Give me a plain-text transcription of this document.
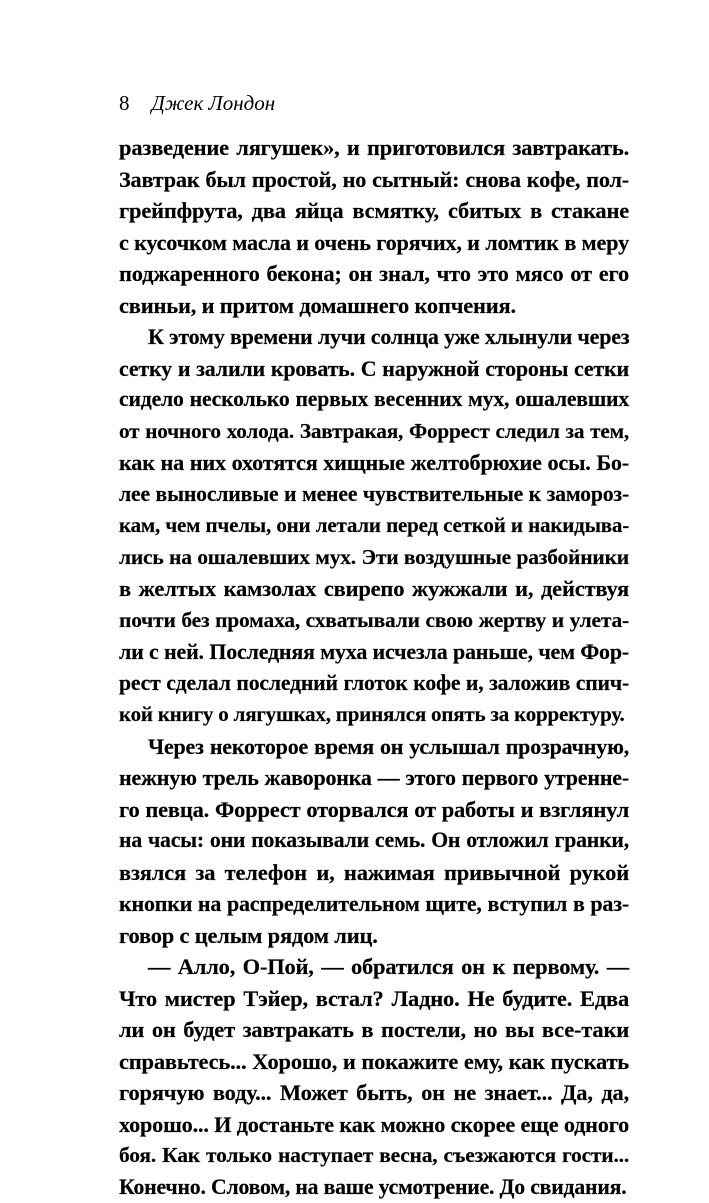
8 Джек Лондон
разведение лягушек», и приготовился завтракать.
Завтрак был простой, но сытный: снова кофе, пол-
грейпфрута, два яйца всмятку, сбитых в стакане
с кусочком масла и очень горячих, и ломтик в меру
поджаренного бекона; он знал, что это мясо от его
свиньи, и притом домашнего копчения.
К этому времени лучи солнца уже хлынули через
сетку и залили кровать. С наружной стороны сетки
сидело несколько первых весенних мух, ошалевших
от ночного холода. Завтракая, Форрест следил за тем,
как на них охотятся хищные желтобрюхие осы. Бо-
лее выносливые и менее чувствительные к замороз-
кам, чем пчелы, они летали перед сеткой и накидыва-
лись на ошалевших мух. Эти воздушные разбойники
в желтых камзолах свирепо жужжали и, действуя
почти без промаха, схватывали свою жертву и улета-
ли с ней. Последняя муха исчезла раньше, чем Фор-
рест сделал последний глоток кофе и, заложив спич-
кой книгу о лягушках, принялся опять за корректуру.
Через некоторое время он услышал прозрачную,
нежную трель жаворонка — этого первого утренне-
го певца. Форрест оторвался от работы и взглянул
на часы: они показывали семь. Он отложил гранки,
взялся за телефон и, нажимая привычной рукой
кнопки на распределительном щите, вступил в раз-
говор с целым рядом лиц.
— Алло, О-Пой, — обратился он к первому. —
Что мистер Тэйер, встал? Ладно. Не будите. Едва
ли он будет завтракать в постели, но вы все-таки
справьтесь... Хорошо, и покажите ему, как пускать
горячую воду... Может быть, он не знает... Да, да,
хорошо... И достаньте как можно скорее еще одного
боя. Как только наступает весна, съезжаются гости...
Конечно. Словом, на ваше усмотрение. До свидания.
